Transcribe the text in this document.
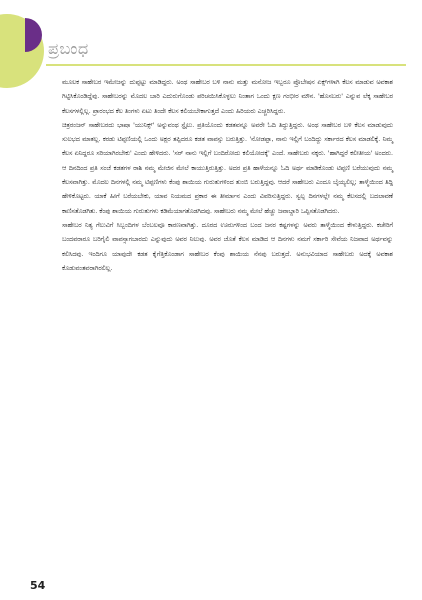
ಪ್ರಬಂಧ

ಮೂಲಕ ಸಾಹೇಬರ ಇಮೇಜನ್ನು ದುಪ್ಪಟ್ಟು ಮಾಡಿದ್ದರು. ಅಂಥ ಸಾಹೇಬರ ಬಳಿ ನಾನು ಮತ್ತು ಮನೋಜ ಇಬ್ಬರೂ ಪ್ರೊಬೇಷನ ಏಕ್ಸ್‌ಗಳಾಗಿ ಕೆಲಸ ಮಾಡುವ ಅವಕಾಶ ಗಿಟ್ಟಿಸಿಕೊಂಡಿದ್ದೆವು. ಸಾಹೇಬರನ್ನು ಮೊದಲ ಬಾರಿ ಎದುರುಗೊಂಡು ಪರಿಚಯಿಸಿಕೊಳ್ಳಲು ನಿಂತಾಗ ಒಂದು ಕ್ಷಣ ಗಂಭೀರ ಮೌನ. 'ಹೊಸಬರು' ಎನ್ನುವ ಲೆಕ್ಕ ಸಾಹೇಬರ ಕೆಲಸಗಳಲ್ಲಿಲ್ಲ. ಪ್ರಾರಂಭದ ಕೆಲ ತಿಂಗಳು ಏಟು ತಿಂದೇ ಕೆಲಸ ಕಲಿಯಬೇಕಾಗುತ್ತದೆ ಎಂದು ಹಿರಿಯರು ಎಚ್ಚರಿಸಿದ್ದರು.

ಚಿತ್ರರಂಜನ್ ಸಾಹೇಬರದು ಭಾಷಾ 'ಯುನಿಕ್ಸ್' ಅನ್ನುವಂಥ ಸ್ಟೈಲು. ಪ್ರತಿಯೊಂದು ಕಡತವನ್ನೂ ಅವರೇ ಓದಿ ತಿದ್ದುತ್ತಿದ್ದರು. ಅಂಥ ಸಾಹೇಬರ ಬಳಿ ಕೆಲಸ ಮಾಡುವುದು ಸುಲಭದ ಮಾತಲ್ಲ. ಕರಡು ಟಿಪ್ಪಣಿಯಲ್ಲಿ ಒಂದು ಅಕ್ಷರ ತಪ್ಪಿದರೂ ಕಡತ ವಾಪಸ್ಸು ಬರುತ್ತಿತ್ತು. 'ನೋಡಪ್ಪಾ, ನಾನು ಇಲ್ಲಿಗೆ ಬಂದಿದ್ದು ಸರ್ಕಾರದ ಕೆಲಸ ಮಾಡಲಿಕ್ಕೆ. ನಿಮ್ಮ ಕೆಲಸ ಏನಿದ್ದರೂ ಸರಿಯಾಗಿರಬೇಕು' ಎಂದು ಹೇಳಿದರು. 'ಸರ್ ನಾನು ಇಲ್ಲಿಗೆ ಬಂದಿರೋದು ಕಲಿಯೋದಕ್ಕೆ' ಎಂದೆ. ಸಾಹೇಬರು ನಕ್ಕರು. 'ಹಾಗಿದ್ದರೆ ಕಲೀತೀಯ' ಅಂದರು. ಆ ದಿನದಿಂದ ಪ್ರತಿ ಸಂಜೆ ಕಡತಗಳ ರಾಶಿ ನಮ್ಮ ಮೇಜಿನ ಮೇಲೆ ಕಾಯುತ್ತಿರುತ್ತಿತ್ತು. ಅದರ ಪ್ರತಿ ಹಾಳೆಯನ್ನೂ ಓದಿ ಅರ್ಥ ಮಾಡಿಕೊಂಡು ಟಿಪ್ಪಣಿ ಬರೆಯುವುದು ನಮ್ಮ ಕೆಲಸವಾಗಿತ್ತು. ಮೊದಲ ದಿನಗಳಲ್ಲಿ ನಮ್ಮ ಟಿಪ್ಪಣಿಗಳು ಕೆಂಪು ಶಾಯಿಯ ಗುರುತುಗಳಿಂದ ತುಂಬಿ ಬರುತ್ತಿದ್ದವು. ಆದರೆ ಸಾಹೇಬರು ಎಂದೂ ಬೈಯ್ಯಲಿಲ್ಲ; ತಾಳ್ಮೆಯಿಂದ ತಿದ್ದಿ ಹೇಳಿಕೊಟ್ಟರು. ಯಾಕೆ ಹೀಗೆ ಬರೆಯಬೇಕು, ಯಾವ ನಿಯಮದ ಪ್ರಕಾರ ಈ ತೀರ್ಮಾನ ಎಂದು ವಿವರಿಸುತ್ತಿದ್ದರು. ಸ್ವಲ್ಪ ದಿನಗಳಲ್ಲೇ ನಮ್ಮ ಕೆಲಸದಲ್ಲಿ ಬದಲಾವಣೆ ಕಾಣಿಸತೊಡಗಿತು. ಕೆಂಪು ಶಾಯಿಯ ಗುರುತುಗಳು ಕಡಿಮೆಯಾಗತೊಡಗಿದವು. ಸಾಹೇಬರು ನಮ್ಮ ಮೇಲೆ ಹೆಚ್ಚು ಜವಾಬ್ದಾರಿ ಒಪ್ಪಿಸತೊಡಗಿದರು.

ಸಾಹೇಬರ ನಿತ್ಯ ಗೆಲುವಿಗೆ ಸಿಬ್ಬಂದಿಗಳ ಬೆಂಬಲವೂ ಕಾರಣವಾಗಿತ್ತು. ದೂರದ ಊರುಗಳಿಂದ ಬಂದ ಜನರ ಕಷ್ಟಗಳನ್ನು ಅವರು ತಾಳ್ಮೆಯಿಂದ ಕೇಳುತ್ತಿದ್ದರು. ಕಚೇರಿಗೆ ಬಂದವರಾರೂ ಬರಿಗೈಲಿ ವಾಪಸ್ಸಾಗಬಾರದು ಎನ್ನುವುದು ಅವರ ನಿಲುವು. ಅವರ ಜೊತೆ ಕೆಲಸ ಮಾಡಿದ ಆ ದಿನಗಳು ನಮಗೆ ಸರ್ಕಾರಿ ಸೇವೆಯ ನಿಜವಾದ ಅರ್ಥವನ್ನು ಕಲಿಸಿದವು. ಇಂದಿಗೂ ಯಾವುದೇ ಕಡತ ಕೈಗೆತ್ತಿಕೊಂಡಾಗ ಸಾಹೇಬರ ಕೆಂಪು ಶಾಯಿಯ ನೆನಪು ಬರುತ್ತದೆ. ಅನುಭವಿಯಾದ ಸಾಹೇಬರು ಅದಕ್ಕೆ ಅವಕಾಶ ಕೊಡುವಂತವರಾಗಿರಲಿಲ್ಲ.

54
